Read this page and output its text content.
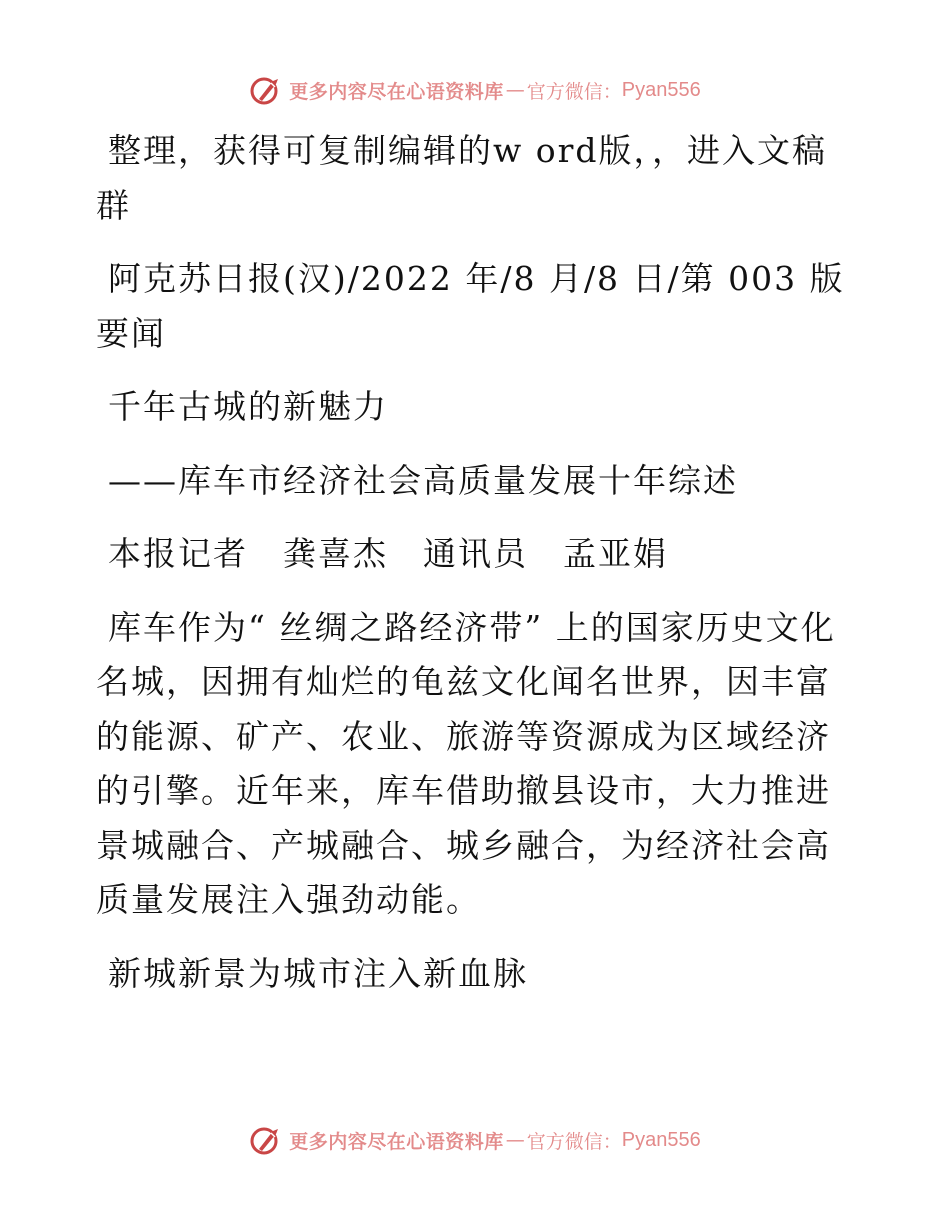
更多内容尽在心语资料库 — 官方微信： Pyan556

整理，获得可复制编辑的w ord版，，进入文稿群

阿克苏日报(汉)/2022 年/8 月/8 日/第 003 版要闻

千年古城的新魅力

——库车市经济社会高质量发展十年综述

本报记者　龚喜杰　通讯员　孟亚娟

库车作为“ 丝绸之路经济带” 上的国家历史文化名城，因拥有灿烂的龟兹文化闻名世界，因丰富的能源、矿产、农业、旅游等资源成为区域经济的引擎。近年来，库车借助撤县设市，大力推进景城融合、产城融合、城乡融合，为经济社会高质量发展注入强劲动能。

新城新景为城市注入新血脉

更多内容尽在心语资料库 — 官方微信： Pyan556
